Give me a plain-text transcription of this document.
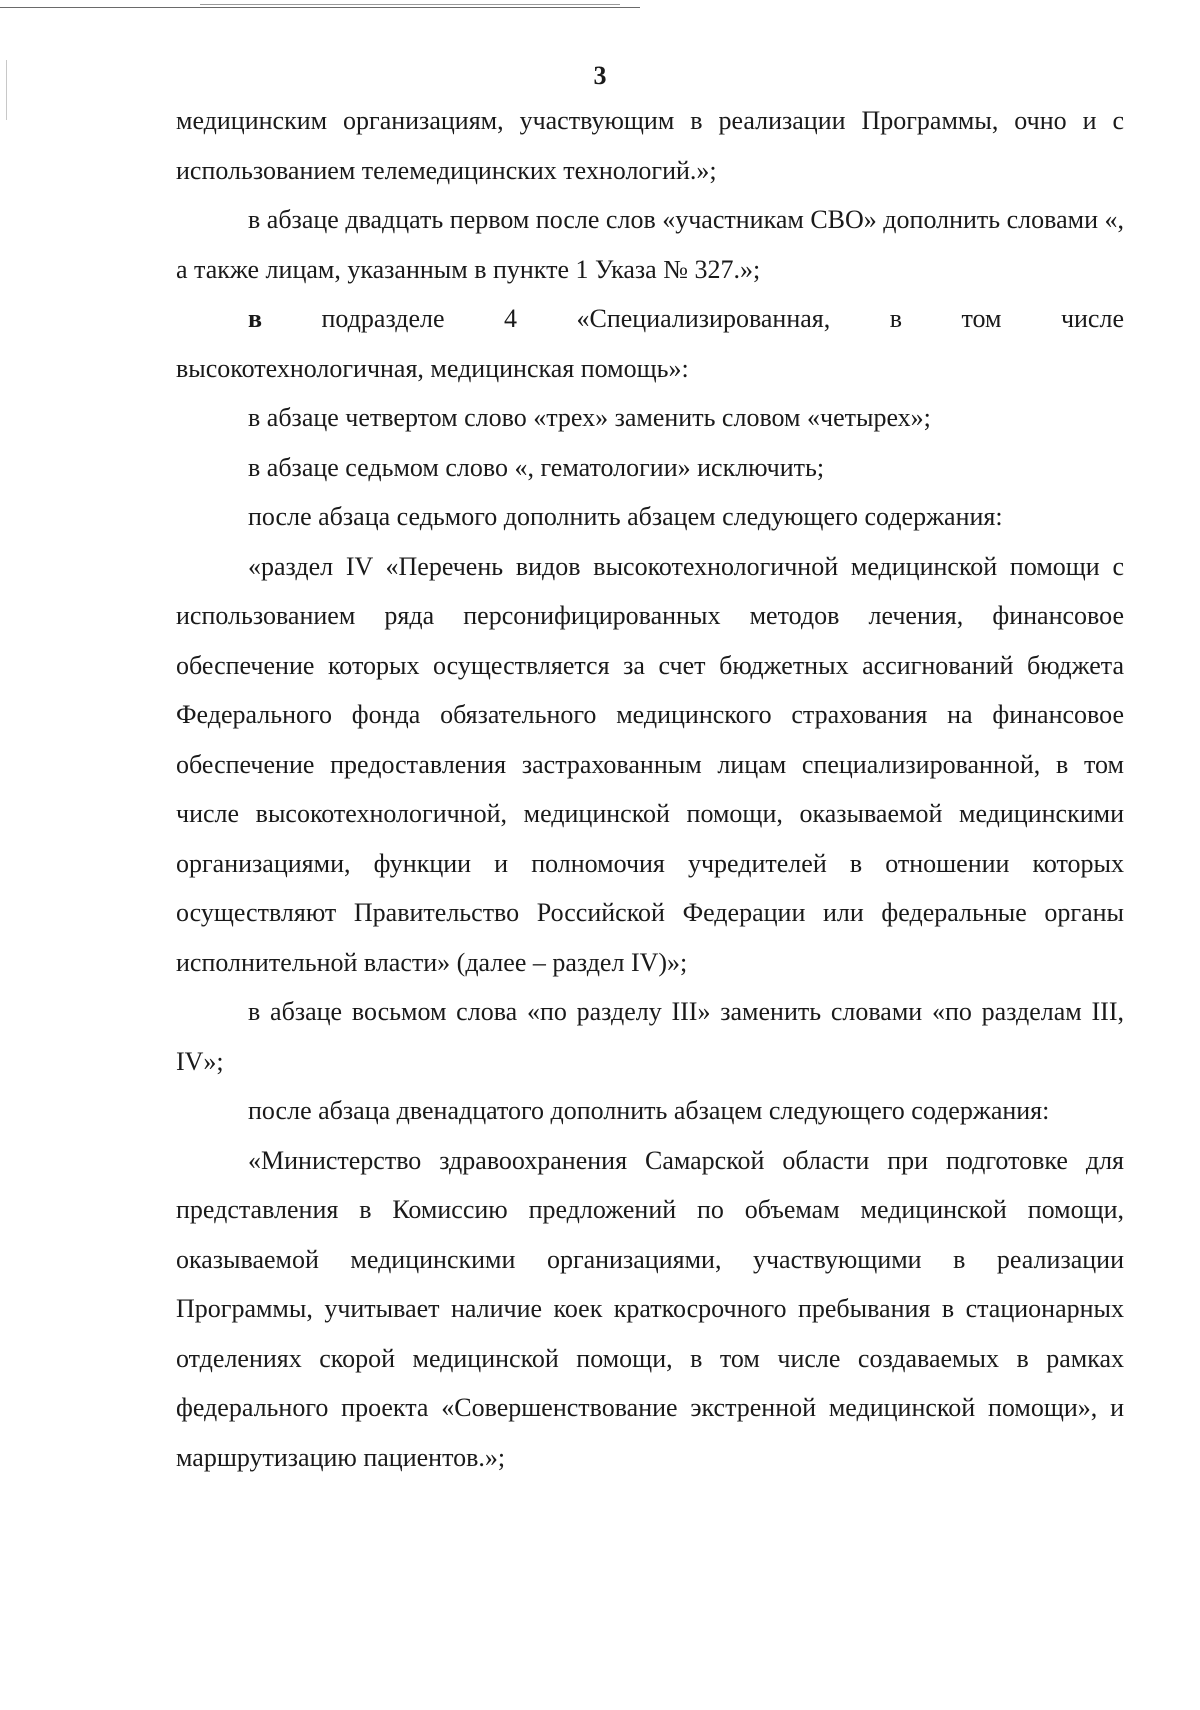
3

медицинским организациям, участвующим в реализации Программы, очно и с использованием телемедицинских технологий.»;

в абзаце двадцать первом после слов «участникам СВО» дополнить словами «, а также лицам, указанным в пункте 1 Указа № 327.»;

в подразделе 4 «Специализированная, в том числе

высокотехнологичная, медицинская помощь»:

в абзаце четвертом слово «трех» заменить словом «четырех»;

в абзаце седьмом слово «, гематологии» исключить;

после абзаца седьмого дополнить абзацем следующего содержания:

«раздел IV «Перечень видов высокотехнологичной медицинской помощи с использованием ряда персонифицированных методов лечения, финансовое обеспечение которых осуществляется за счет бюджетных ассигнований бюджета Федерального фонда обязательного медицинского страхования на финансовое обеспечение предоставления застрахованным лицам специализированной, в том числе высокотехнологичной, медицинской помощи, оказываемой медицинскими организациями, функции и полномочия учредителей в отношении которых осуществляют Правительство Российской Федерации или федеральные органы исполнительной власти» (далее – раздел IV)»;

в абзаце восьмом слова «по разделу III» заменить словами «по разделам III, IV»;

после абзаца двенадцатого дополнить абзацем следующего содержания:

«Министерство здравоохранения Самарской области при подготовке для представления в Комиссию предложений по объемам медицинской помощи, оказываемой медицинскими организациями, участвующими в реализации Программы, учитывает наличие коек краткосрочного пребывания в стационарных отделениях скорой медицинской помощи, в том числе создаваемых в рамках федерального проекта «Совершенствование экстренной медицинской помощи», и маршрутизацию пациентов.»;
